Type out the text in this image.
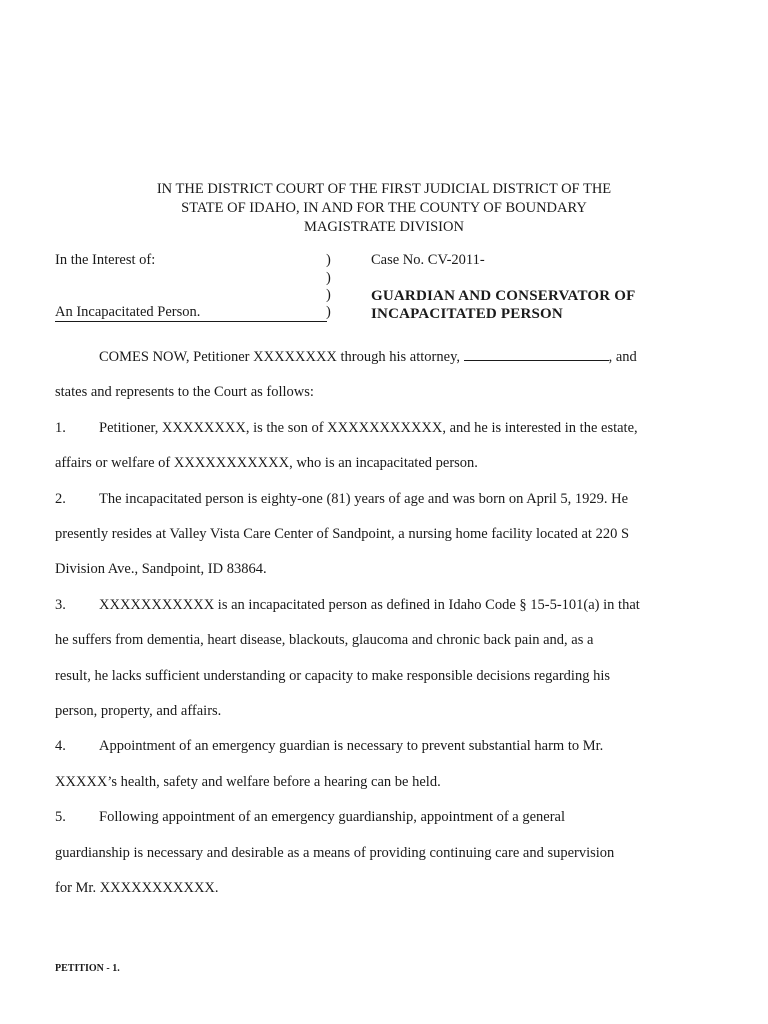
IN THE DISTRICT COURT OF THE FIRST JUDICIAL DISTRICT OF THE
STATE OF IDAHO, IN AND FOR THE COUNTY OF BOUNDARY
MAGISTRATE DIVISION
In the Interest of:
An Incapacitated Person.
)
)
)
)
Case No. CV-2011-
GUARDIAN AND CONSERVATOR OF
INCAPACITATED PERSON

COMES NOW, Petitioner XXXXXXXX through his attorney,	, and

states and represents to the Court as follows:

1. Petitioner, XXXXXXXX, is the son of XXXXXXXXXXX, and he is interested in the estate,

affairs or welfare of XXXXXXXXXXX, who is an incapacitated person.

2. The incapacitated person is eighty-one (81) years of age and was born on April 5, 1929. He

presently resides at Valley Vista Care Center of Sandpoint, a nursing home facility located at 220 S

Division Ave., Sandpoint, ID 83864.

3. XXXXXXXXXXX is an incapacitated person as defined in Idaho Code § 15-5-101(a) in that

he suffers from dementia, heart disease, blackouts, glaucoma and chronic back pain and, as a

result, he lacks sufficient understanding or capacity to make responsible decisions regarding his

person, property, and affairs.

4. Appointment of an emergency guardian is necessary to prevent substantial harm to Mr.

XXXXX’s health, safety and welfare before a hearing can be held.

5. Following appointment of an emergency guardianship, appointment of a general

guardianship is necessary and desirable as a means of providing continuing care and supervision

for Mr. XXXXXXXXXXX.

PETITION - 1.
